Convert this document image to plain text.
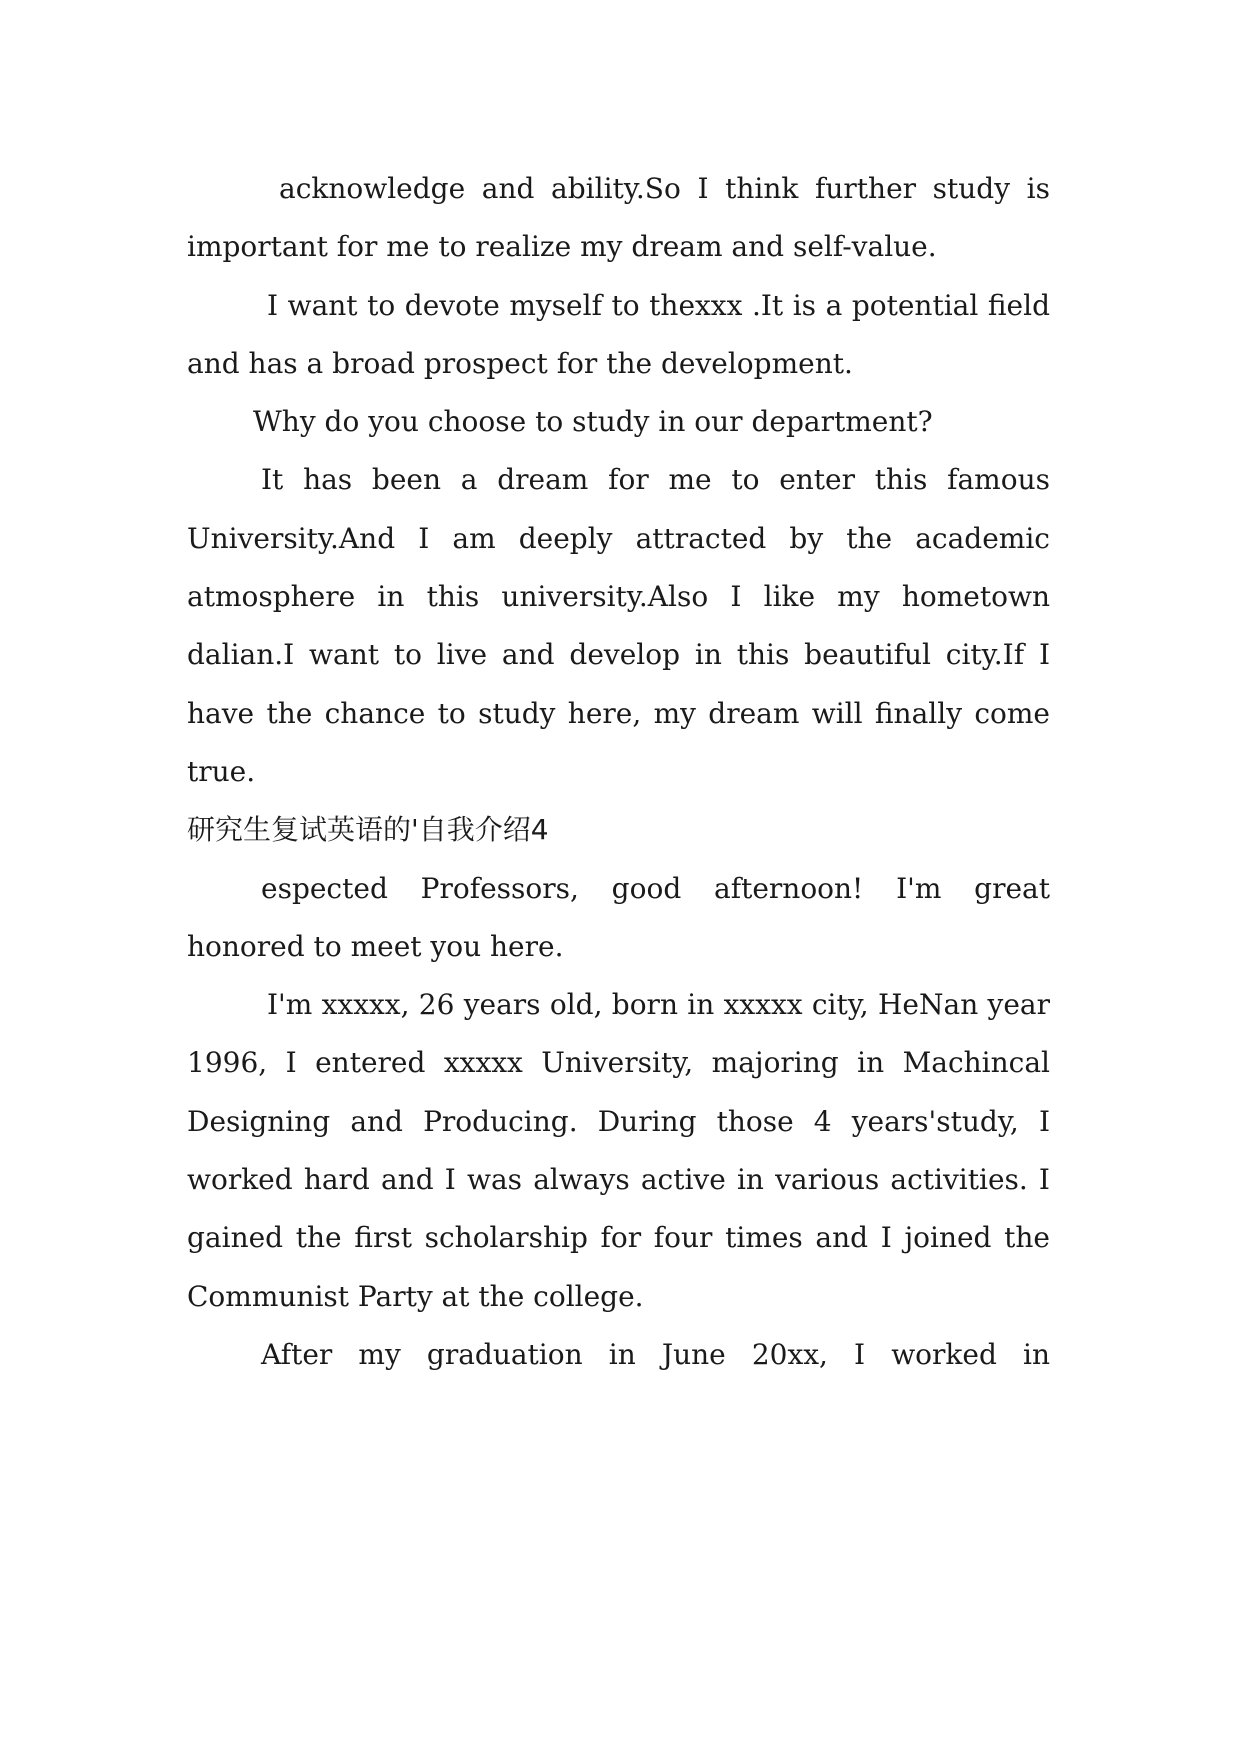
acknowledge and ability.So I think further study is important for me to realize my dream and self-value.

I want to devote myself to thexxx .It is a potential field and has a broad prospect for the development.

Why do you choose to study in our department?

It has been a dream for me to enter this famous University.And I am deeply attracted by the academic atmosphere in this university.Also I like my hometown dalian.I want to live and develop in this beautiful city.If I have the chance to study here, my dream will finally come true.

研究生复试英语的'自我介绍4

espected Professors, good afternoon! I'm great honored to meet you here.

I'm xxxxx, 26 years old, born in xxxxx city, HeNan year 1996, I entered xxxxx University, majoring in Machincal Designing and Producing. During those 4 years'study, I worked hard and I was always active in various activities. I gained the first scholarship for four times and I joined the Communist Party at the college.

After my graduation in June 20xx, I worked in
